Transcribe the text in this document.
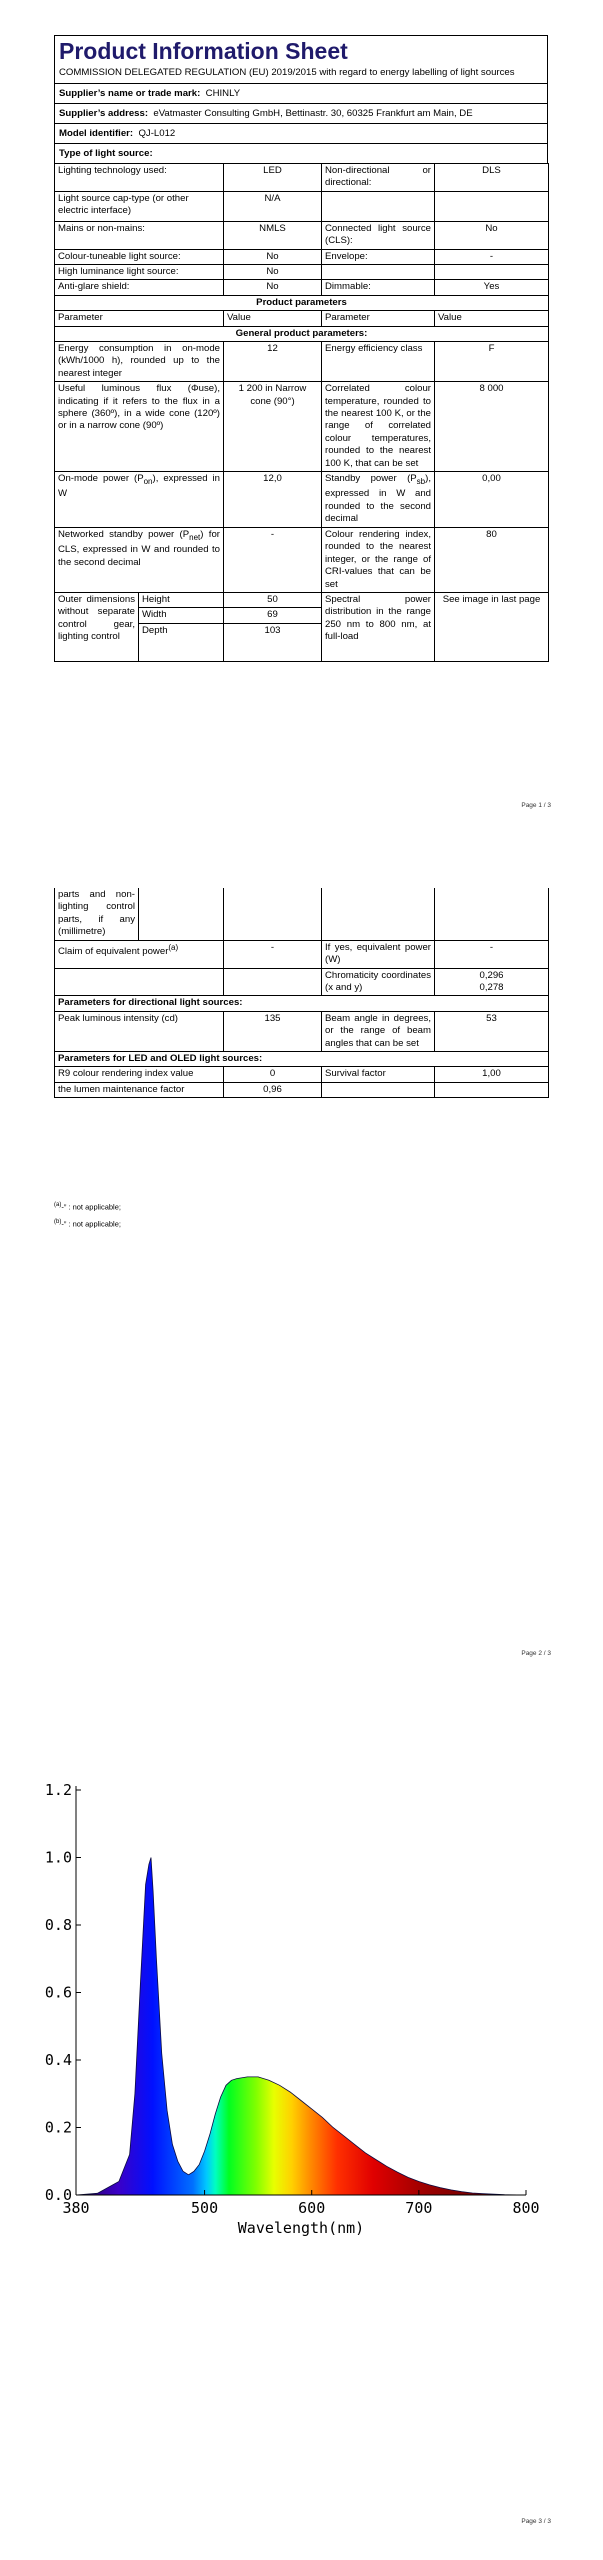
Page 1 / 3
Product Information Sheet
COMMISSION DELEGATED REGULATION (EU) 2019/2015 with regard to energy labelling of light sources
Supplier’s name or trade mark: CHINLY
Supplier’s address: eVatmaster Consulting GmbH, Bettinastr. 30, 60325 Frankfurt am Main, DE
Model identifier: QJ-L012
Type of light source:
Lighting technology used:		LED	Non-directional or directional:	DLS
Light source cap-type (or other electric interface)		N/A		
Mains or non-mains:		NMLS	Connected light source (CLS):	No
Colour-tuneable light source:		No	Envelope:	-
High luminance light source:		No		
Anti-glare shield:		No	Dimmable:	Yes
Product parameters				
Parameter		Value	Parameter	Value
General product parameters:				
Energy consumption in on-mode (kWh/1000 h), rounded up to the nearest integer		12	Energy efficiency class	F
Useful luminous flux (Φuse), indicating if it refers to the flux in a sphere (360º), in a wide cone (120º) or in a narrow cone (90º)		1 200 in Narrow cone (90°)	Correlated colour temperature, rounded to the nearest 100 K, or the range of correlated colour temperatures, rounded to the nearest 100 K, that can be set	8 000
On-mode power $(P_{on})$, expressed in W		12,0	Standby power $(P_{sb})$, expressed in W and rounded to the second decimal	0,00
Networked standby power $(P_{net})$ for CLS, expressed in W and rounded to the second decimal		-	Colour rendering index, rounded to the nearest integer, or the range of CRI-values that can be set	80
Outer dimensions without separate control gear, lighting control	Height	50	Spectral power distribution in the range 250 nm to 800 nm, at full-load	See image in last page
	Width	69		
	Depth	103		
Page 2 / 3
parts and non-lighting control parts, if any (millimetre)				
Claim of equivalent power$^{(a)}$		-	If yes, equivalent power (W)	-
			Chromaticity coordinates (x and y)	0,296
0,278
Parameters for directional light sources:				
Peak luminous intensity (cd)		135	Beam angle in degrees, or the range of beam angles that can be set	53
Parameters for LED and OLED light sources:				
R9 colour rendering index value		0	Survival factor	1,00
the lumen maintenance factor		0,96		
$^{(a)}$-” : not applicable;
$^{(b)}$-” : not applicable;
Page 3 / 3
0.0
0.2
0.4
0.6
0.8
1.0
1.2
380	500	600	700	800
Wavelength(nm)
